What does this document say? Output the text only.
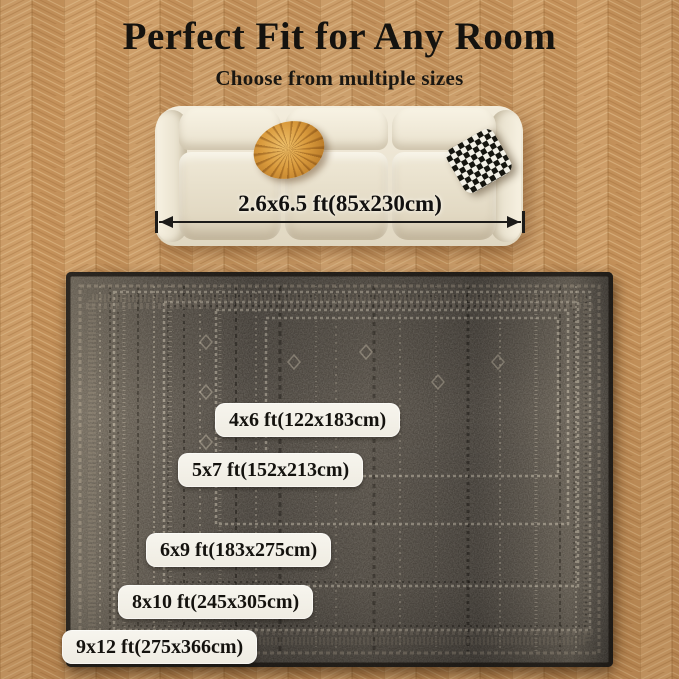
Perfect Fit for Any Room
Choose from multiple sizes
2.6x6.5 ft(85x230cm)
4x6 ft(122x183cm)
5x7 ft(152x213cm)
6x9 ft(183x275cm)
8x10 ft(245x305cm)
9x12 ft(275x366cm)
